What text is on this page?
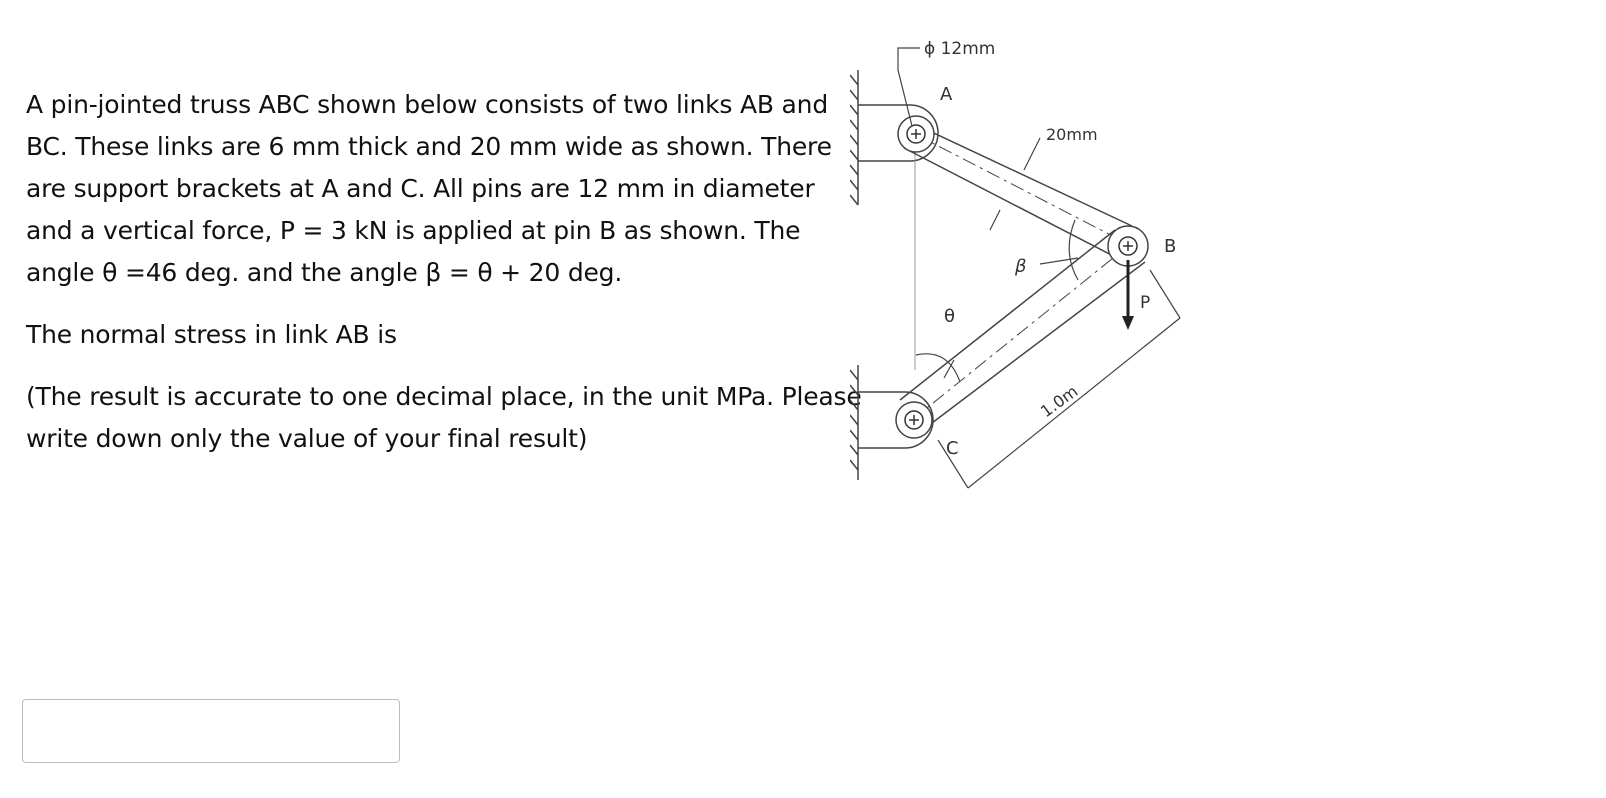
A pin-jointed truss ABC shown below consists of two links AB and BC. These links are 6 mm thick and 20 mm wide as shown. There are support brackets at A and C. All pins are 12 mm in diameter and a vertical force, P = 3 kN is applied at pin B as shown. The angle θ =46 deg. and the angle β = θ + 20 deg.

The normal stress in link AB is

(The result is accurate to one decimal place, in the unit MPa. Please write down only the value of your final result)

ϕ 12mm
A
20mm
β
B
P
θ
1.0m
C
